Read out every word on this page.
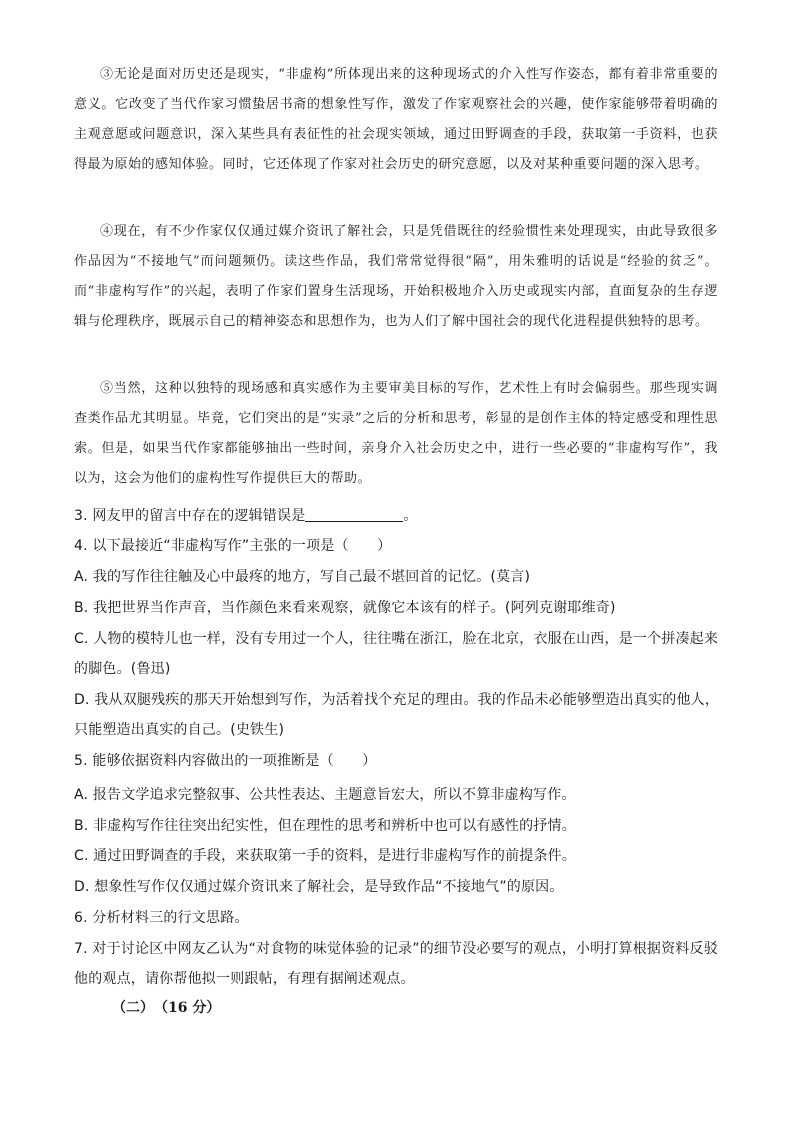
③无论是面对历史还是现实，“非虚构”所体现出来的这种现场式的介入性写作姿态，都有着非常重要的意义。它改变了当代作家习惯蛰居书斋的想象性写作，激发了作家观察社会的兴趣，使作家能够带着明确的主观意愿或问题意识，深入某些具有表征性的社会现实领域，通过田野调查的手段，获取第一手资料，也获得最为原始的感知体验。同时，它还体现了作家对社会历史的研究意愿，以及对某种重要问题的深入思考。
④现在，有不少作家仅仅通过媒介资讯了解社会，只是凭借既往的经验惯性来处理现实，由此导致很多作品因为“不接地气”而问题频仍。读这些作品，我们常常觉得很“隔”，用朱雅明的话说是“经验的贫乏”。而“非虚构写作”的兴起，表明了作家们置身生活现场，开始积极地介入历史或现实内部，直面复杂的生存逻辑与伦理秩序，既展示自己的精神姿态和思想作为，也为人们了解中国社会的现代化进程提供独特的思考。
⑤当然，这种以独特的现场感和真实感作为主要审美目标的写作，艺术性上有时会偏弱些。那些现实调查类作品尤其明显。毕竟，它们突出的是“实录”之后的分析和思考，彰显的是创作主体的特定感受和理性思索。但是，如果当代作家都能够抽出一些时间，亲身介入社会历史之中，进行一些必要的“非虚构写作”，我以为，这会为他们的虚构性写作提供巨大的帮助。
3. 网友甲的留言中存在的逻辑错误是	。
4. 以下最接近“非虚构写作”主张的一项是（　　）
A. 我的写作往往触及心中最疼的地方，写自己最不堪回首的记忆。(莫言)
B. 我把世界当作声音，当作颜色来看来观察，就像它本该有的样子。(阿列克谢耶维奇)
C. 人物的模特儿也一样，没有专用过一个人，往往嘴在浙江，脸在北京，衣服在山西，是一个拼凑起来
的脚色。(鲁迅)
D. 我从双腿残疾的那天开始想到写作，为活着找个充足的理由。我的作品未必能够塑造出真实的他人，
只能塑造出真实的自己。(史铁生)
5. 能够依据资料内容做出的一项推断是（　　）
A. 报告文学追求完整叙事、公共性表达、主题意旨宏大，所以不算非虚构写作。
B. 非虚构写作往往突出纪实性，但在理性的思考和辨析中也可以有感性的抒情。
C. 通过田野调查的手段，来获取第一手的资料，是进行非虚构写作的前提条件。
D. 想象性写作仅仅通过媒介资讯来了解社会，是导致作品“不接地气”的原因。
6. 分析材料三的行文思路。
7. 对于讨论区中网友乙认为“对食物的味觉体验的记录”的细节没必要写的观点，小明打算根据资料反驳
他的观点，请你帮他拟一则跟帖，有理有据阐述观点。
（二）　（16 分）
